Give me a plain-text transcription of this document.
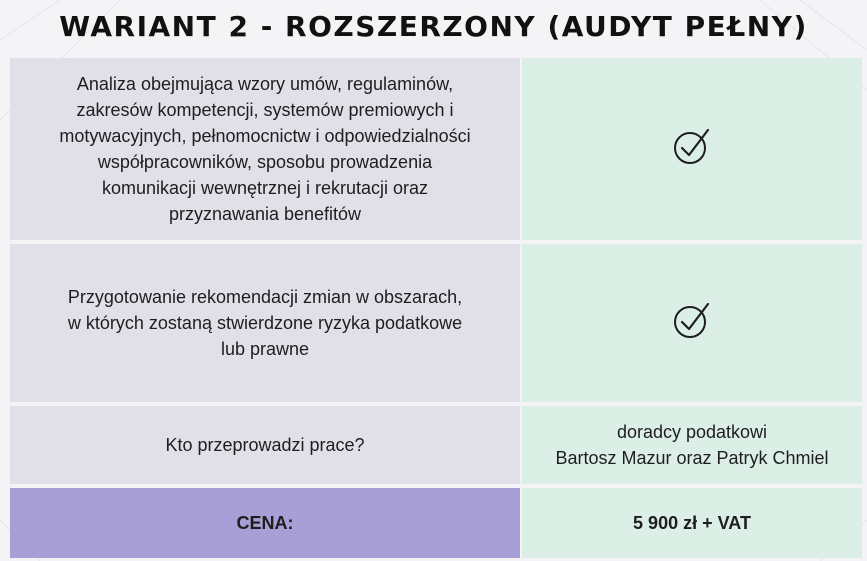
WARIANT 2 - ROZSZERZONY (AUDYT PEŁNY)
Analiza obejmująca wzory umów, regulaminów,
zakresów kompetencji, systemów premiowych i
motywacyjnych, pełnomocnictw i odpowiedzialności
współpracowników, sposobu prowadzenia
komunikacji wewnętrznej i rekrutacji oraz
przyznawania benefitów
Przygotowanie rekomendacji zmian w obszarach,
w których zostaną stwierdzone ryzyka podatkowe
lub prawne
Kto przeprowadzi prace?
doradcy podatkowi
Bartosz Mazur oraz Patryk Chmiel
CENA:	5 900 zł + VAT
